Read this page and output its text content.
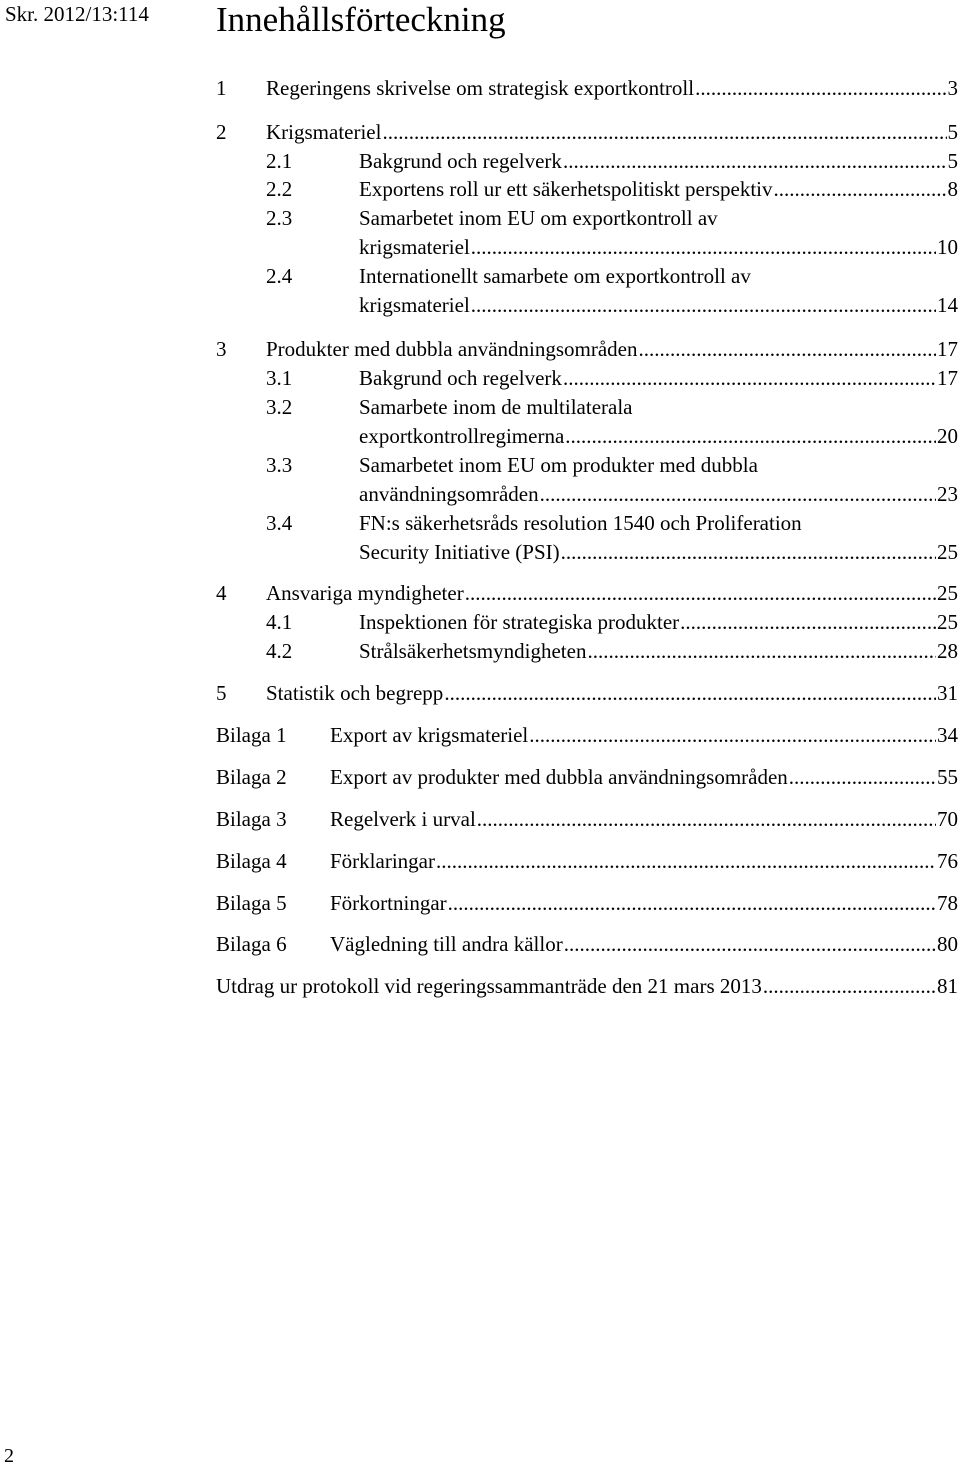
Skr. 2012/13:114 Innehållsförteckning
1 Regeringens skrivelse om strategisk exportkontroll .....	3
2 Krigsmateriel .....	5
2.1	Bakgrund och regelverk .....	5
2.2	Exportens roll ur ett säkerhetspolitiskt perspektiv .....	8
2.3	Samarbetet inom EU om exportkontroll av
krigsmateriel .....	10
2.4	Internationellt samarbete om exportkontroll av
krigsmateriel .....	14
3 Produkter med dubbla användningsområden .....	17
3.1	Bakgrund och regelverk .....	17
3.2	Samarbete inom de multilaterala
exportkontrollregimerna .....	20
3.3	Samarbetet inom EU om produkter med dubbla
användningsområden .....	23
3.4	FN:s säkerhetsråds resolution 1540 och Proliferation
Security Initiative (PSI) .....	25
4 Ansvariga myndigheter .....	25
4.1	Inspektionen för strategiska produkter .....	25
4.2	Strålsäkerhetsmyndigheten .....	28
5 Statistik och begrepp .....	31
Bilaga 1 Export av krigsmateriel .....	34
Bilaga 2 Export av produkter med dubbla användningsområden .....	55
Bilaga 3 Regelverk i urval .....	70
Bilaga 4 Förklaringar .....	76
Bilaga 5 Förkortningar .....	78
Bilaga 6 Vägledning till andra källor .....	80
Utdrag ur protokoll vid regeringssammanträde den 21 mars 2013 .....	81
2
